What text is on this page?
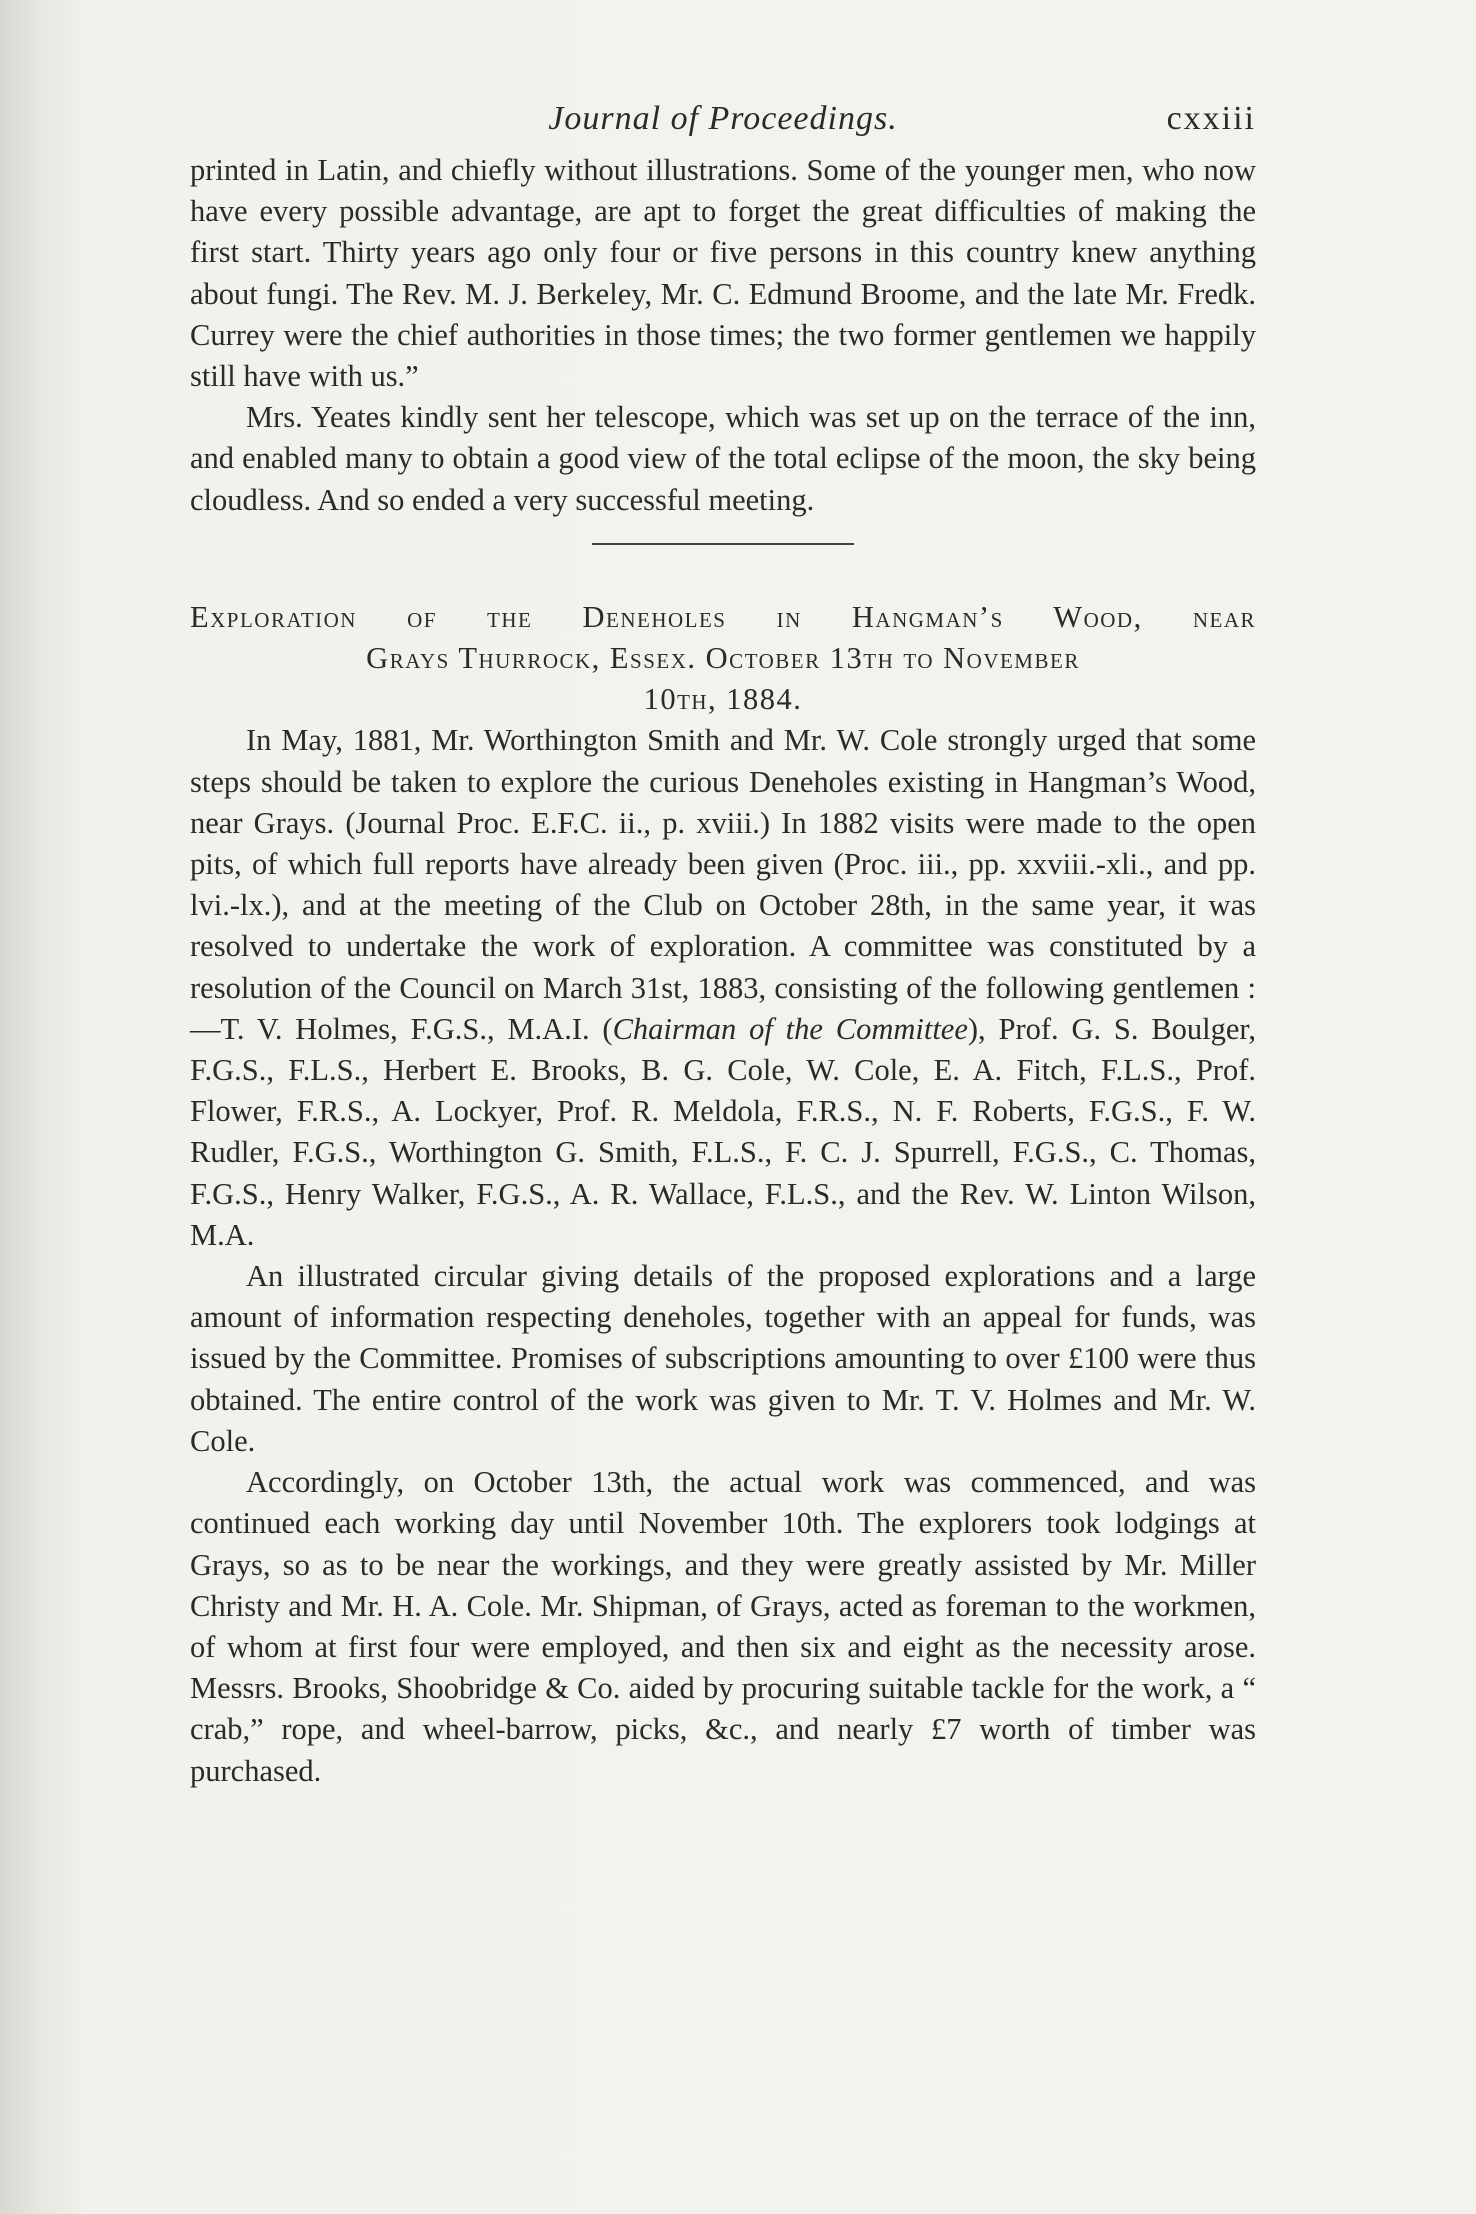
Journal of Proceedings.	cxxiii

printed in Latin, and chiefly without illustrations. Some of the younger men, who now have every possible advantage, are apt to forget the great difficulties of making the first start. Thirty years ago only four or five persons in this country knew anything about fungi. The Rev. M. J. Berkeley, Mr. C. Edmund Broome, and the late Mr. Fredk. Currey were the chief authorities in those times; the two former gentlemen we happily still have with us.”

Mrs. Yeates kindly sent her telescope, which was set up on the terrace of the inn, and enabled many to obtain a good view of the total eclipse of the moon, the sky being cloudless. And so ended a very successful meeting.

Exploration of the Deneholes in Hangman’s Wood, near
Grays Thurrock, Essex. October 13th to November
10th, 1884.

In May, 1881, Mr. Worthington Smith and Mr. W. Cole strongly urged that some steps should be taken to explore the curious Deneholes existing in Hangman’s Wood, near Grays. (Journal Proc. E.F.C. ii., p. xviii.) In 1882 visits were made to the open pits, of which full reports have already been given (Proc. iii., pp. xxviii.-xli., and pp. lvi.-lx.), and at the meeting of the Club on October 28th, in the same year, it was resolved to undertake the work of exploration. A committee was constituted by a resolution of the Council on March 31st, 1883, consisting of the following gentlemen :—T. V. Holmes, F.G.S., M.A.I. (Chairman of the Committee), Prof. G. S. Boulger, F.G.S., F.L.S., Herbert E. Brooks, B. G. Cole, W. Cole, E. A. Fitch, F.L.S., Prof. Flower, F.R.S., A. Lockyer, Prof. R. Meldola, F.R.S., N. F. Roberts, F.G.S., F. W. Rudler, F.G.S., Worthington G. Smith, F.L.S., F. C. J. Spurrell, F.G.S., C. Thomas, F.G.S., Henry Walker, F.G.S., A. R. Wallace, F.L.S., and the Rev. W. Linton Wilson, M.A.

An illustrated circular giving details of the proposed explorations and a large amount of information respecting deneholes, together with an appeal for funds, was issued by the Committee. Promises of subscriptions amounting to over £100 were thus obtained. The entire control of the work was given to Mr. T. V. Holmes and Mr. W. Cole.

Accordingly, on October 13th, the actual work was commenced, and was continued each working day until November 10th. The explorers took lodgings at Grays, so as to be near the workings, and they were greatly assisted by Mr. Miller Christy and Mr. H. A. Cole. Mr. Shipman, of Grays, acted as foreman to the workmen, of whom at first four were employed, and then six and eight as the necessity arose. Messrs. Brooks, Shoobridge & Co. aided by procuring suitable tackle for the work, a “ crab,” rope, and wheel-barrow, picks, &c., and nearly £7 worth of timber was purchased.
